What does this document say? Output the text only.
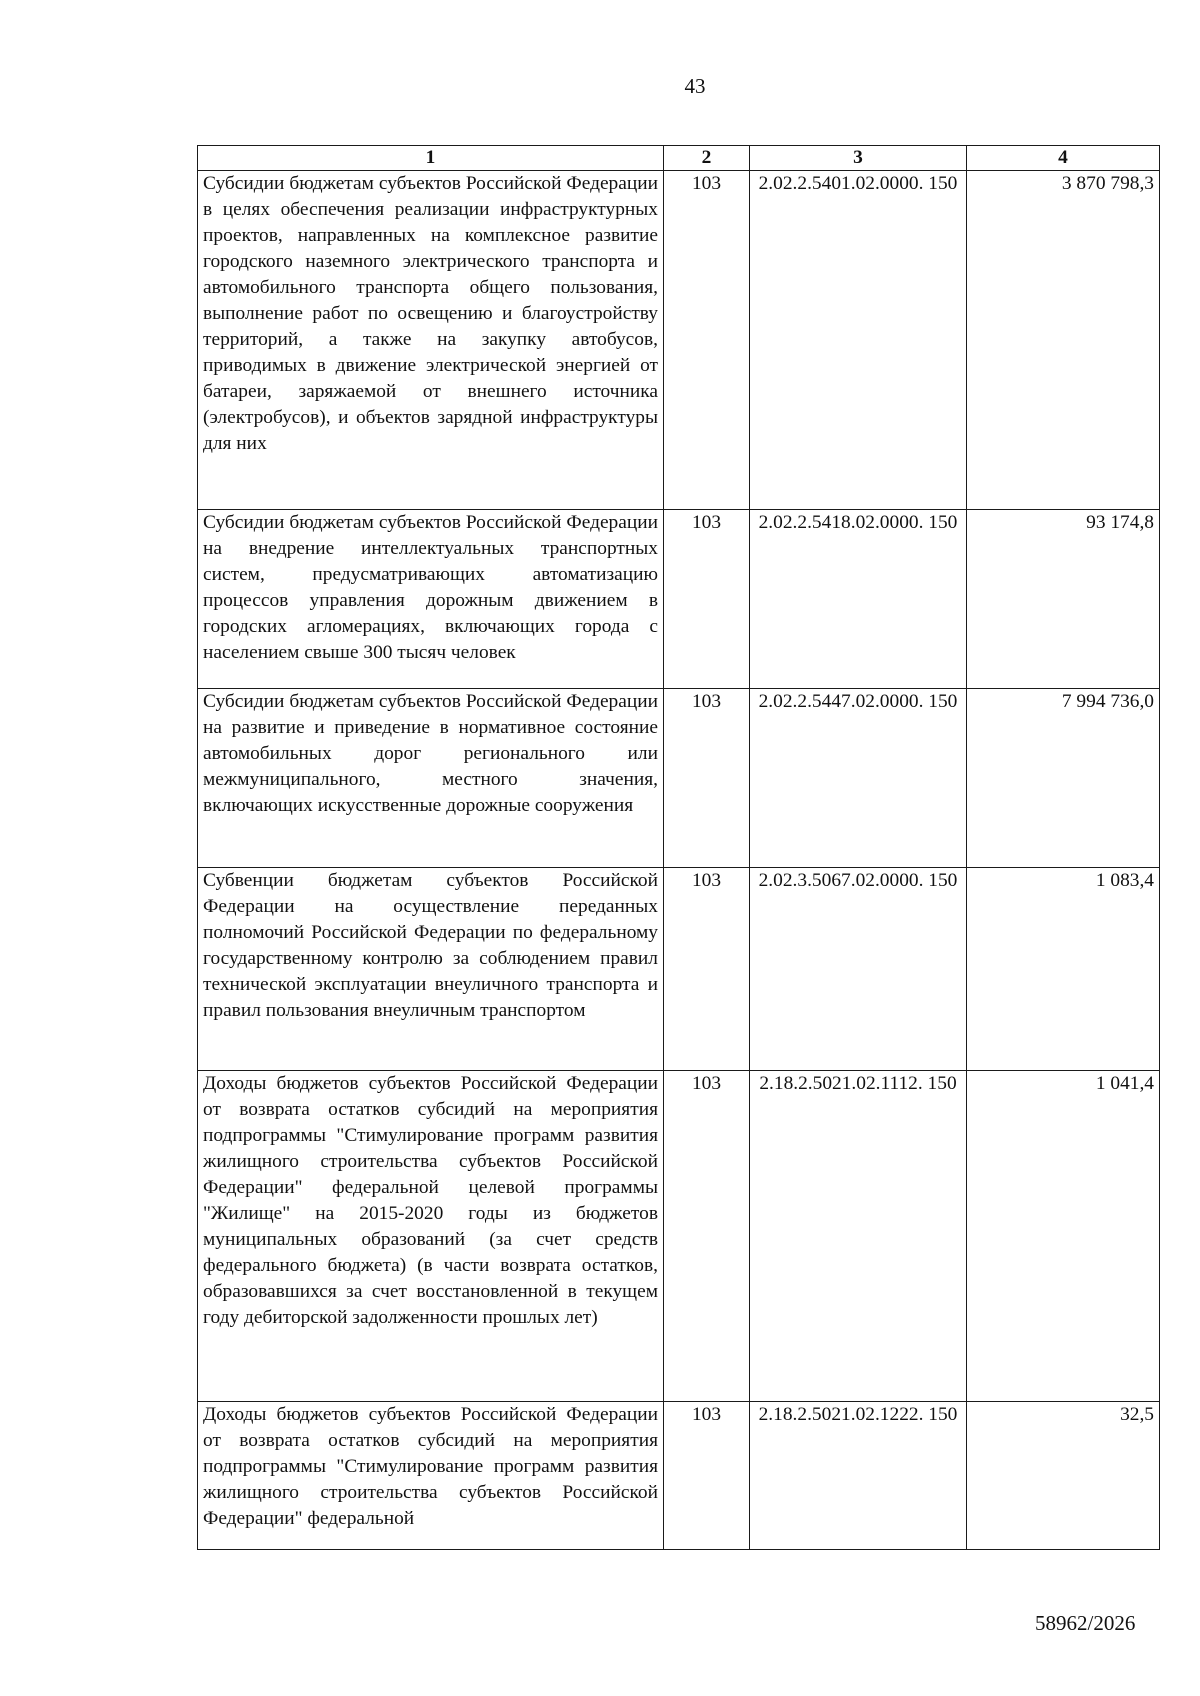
43
1	2	3	4
Субсидии бюджетам субъектов Российской Федерации в целях обеспечения реализации инфраструктурных проектов, направленных на комплексное развитие городского наземного электрического транспорта и автомобильного транспорта общего пользования, выполнение работ по освещению и благоустройству территорий, а также на закупку автобусов, приводимых в движение электрической энергией от батареи, заряжаемой от внешнего источника (электробусов), и объектов зарядной инфраструктуры для них	103	2.02.2.5401.02.0000. 150	3 870 798,3
Субсидии бюджетам субъектов Российской Федерации на внедрение интеллектуальных транспортных систем, предусматривающих автоматизацию процессов управления дорожным движением в городских агломерациях, включающих города с населением свыше 300 тысяч человек	103	2.02.2.5418.02.0000. 150	93 174,8
Субсидии бюджетам субъектов Российской Федерации на развитие и приведение в нормативное состояние автомобильных дорог регионального или межмуниципального, местного значения, включающих искусственные дорожные сооружения	103	2.02.2.5447.02.0000. 150	7 994 736,0
Субвенции бюджетам субъектов Российской Федерации на осуществление переданных полномочий Российской Федерации по федеральному государственному контролю за соблюдением правил технической эксплуатации внеуличного транспорта и правил пользования внеуличным транспортом	103	2.02.3.5067.02.0000. 150	1 083,4
Доходы бюджетов субъектов Российской Федерации от возврата остатков субсидий на мероприятия подпрограммы "Стимулирование программ развития жилищного строительства субъектов Российской Федерации" федеральной целевой программы "Жилище" на 2015-2020 годы из бюджетов муниципальных образований (за счет средств федерального бюджета) (в части возврата остатков, образовавшихся за счет восстановленной в текущем году дебиторской задолженности прошлых лет)	103	2.18.2.5021.02.1112. 150	1 041,4
Доходы бюджетов субъектов Российской Федерации от возврата остатков субсидий на мероприятия подпрограммы "Стимулирование программ развития жилищного строительства субъектов Российской Федерации" федеральной	103	2.18.2.5021.02.1222. 150	32,5
58962/2026
